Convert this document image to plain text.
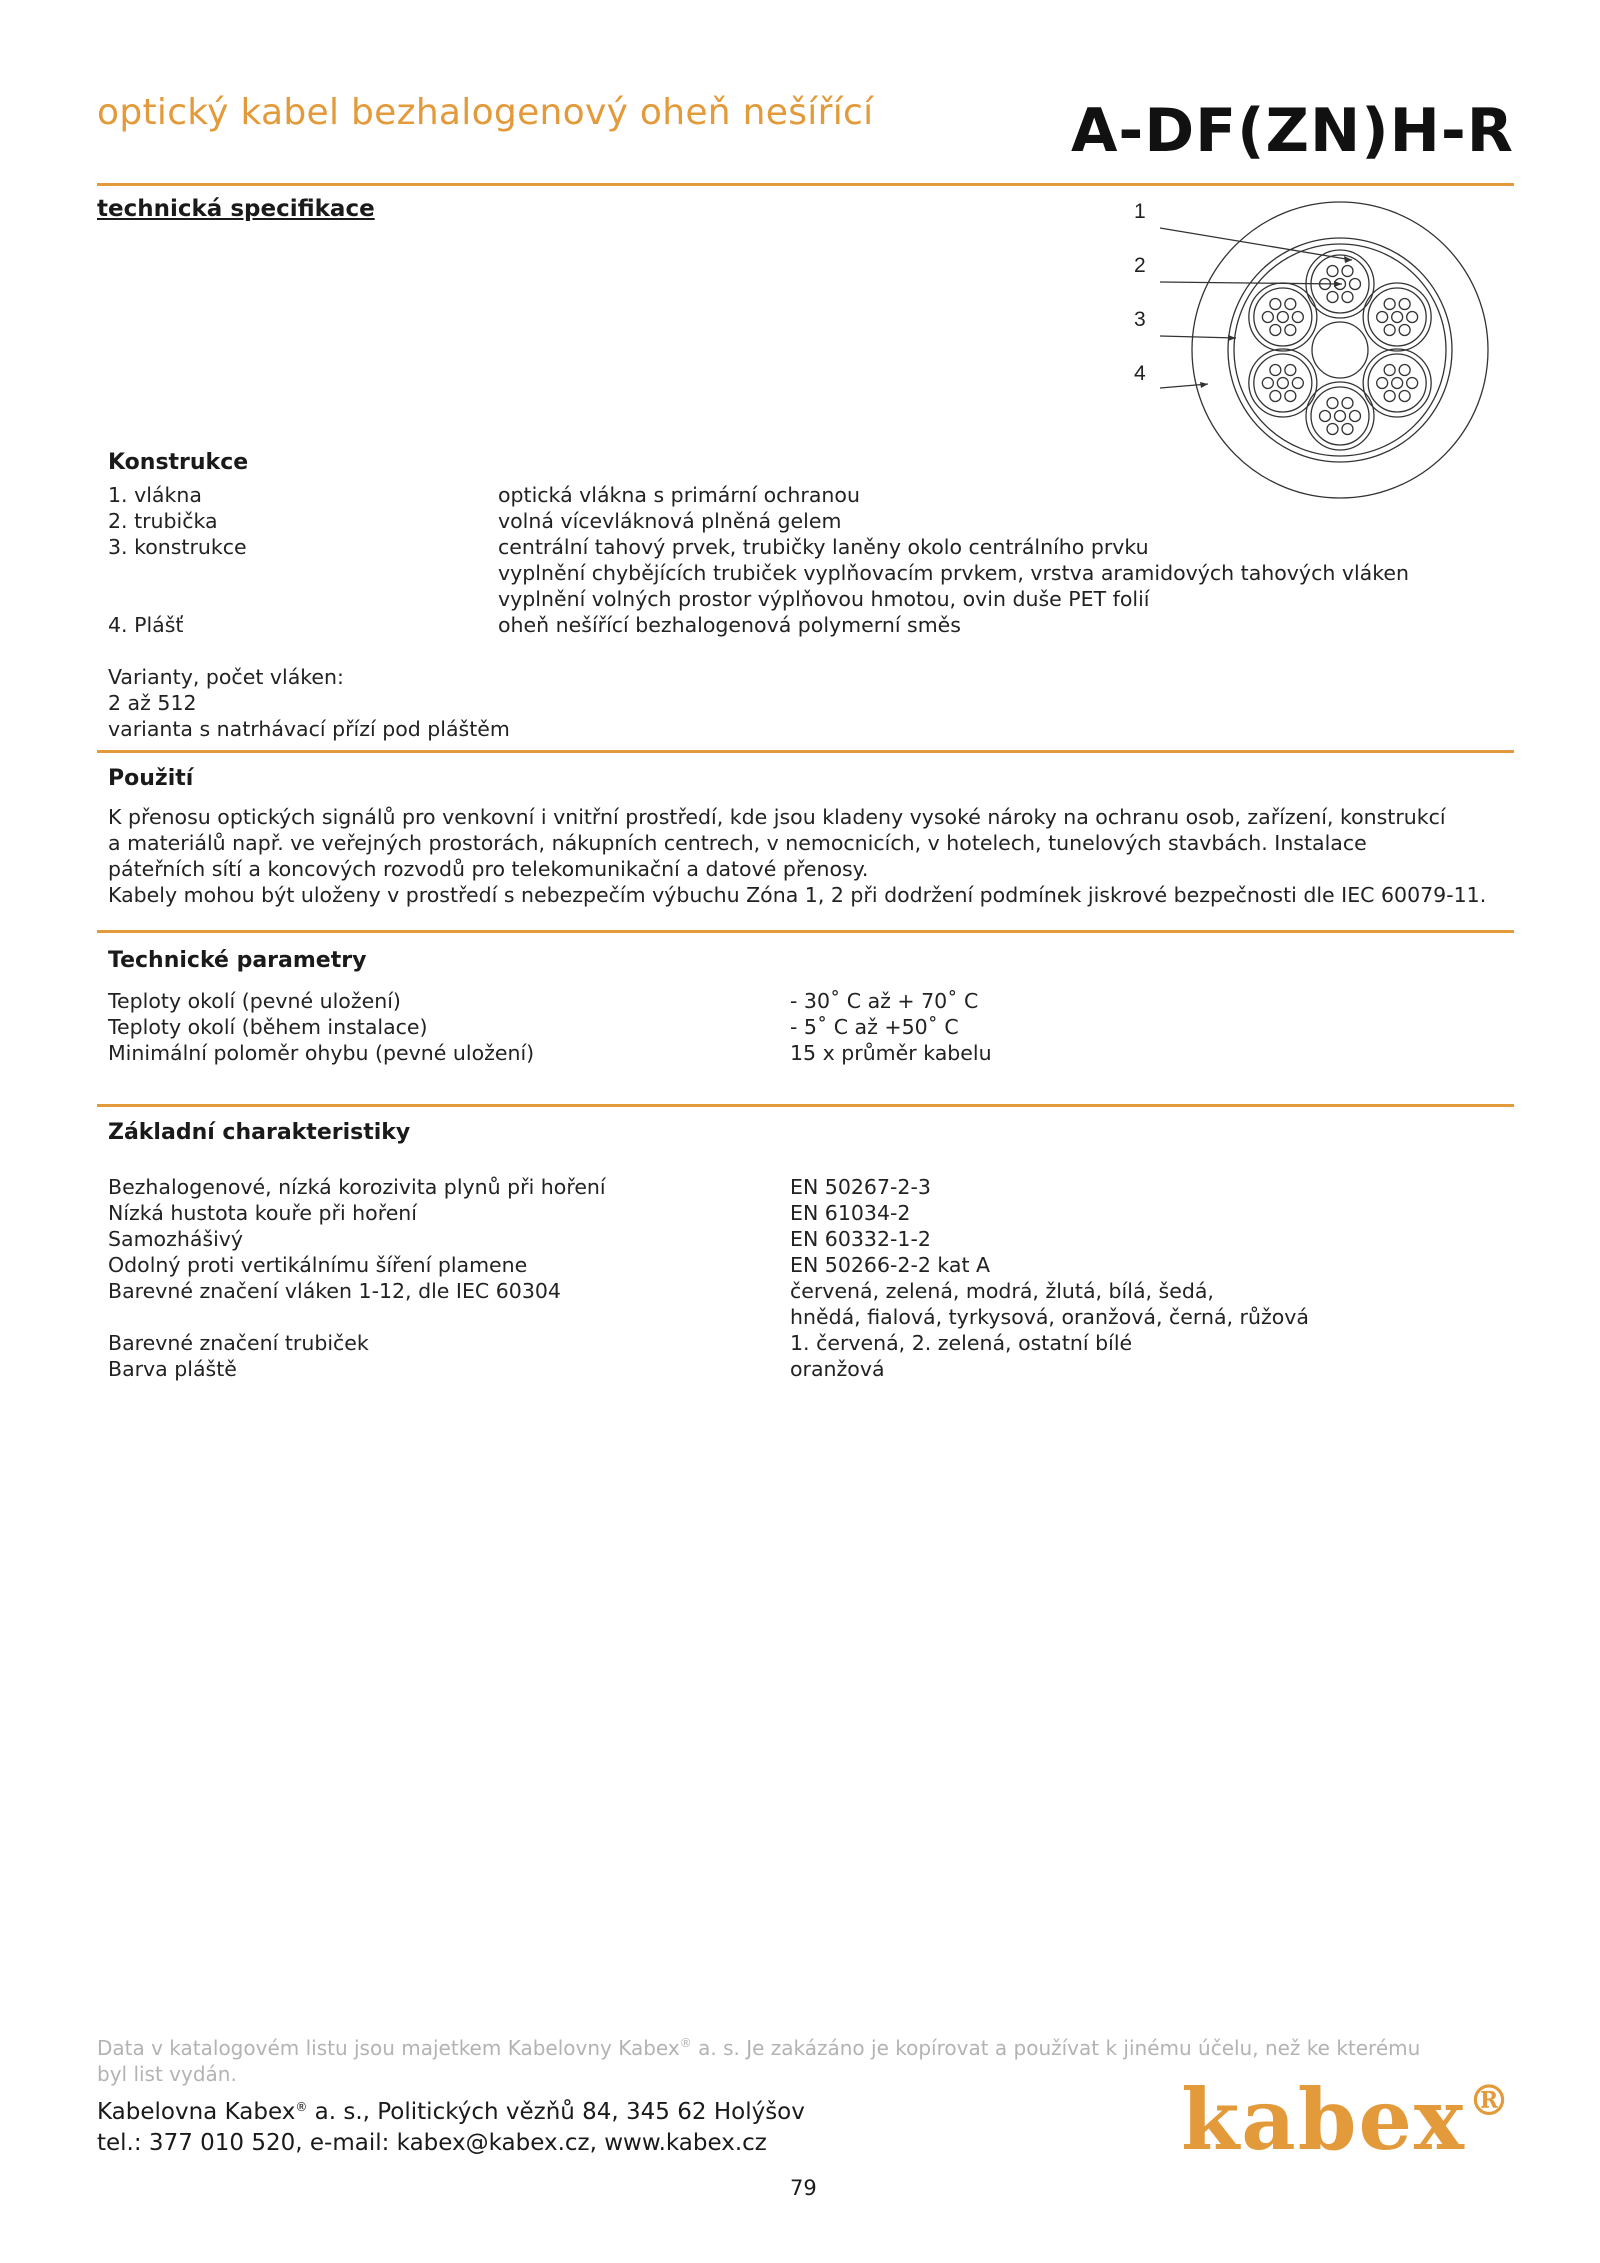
optický kabel bezhalogenový oheň nešířící	A-DF(ZN)H-R
technická specifikace	1
2
3
4
Konstrukce
1. vlákna	optická vlákna s primární ochranou
2. trubička	volná vícevláknová plněná gelem
3. konstrukce	centrální tahový prvek, trubičky laněny okolo centrálního prvku
vyplnění chybějících trubiček vyplňovacím prvkem, vrstva aramidových tahových vláken
vyplnění volných prostor výplňovou hmotou, ovin duše PET folií
4. Plášť	oheň nešířící bezhalogenová polymerní směs
Varianty, počet vláken:
2 až 512
varianta s natrhávací přízí pod pláštěm
Použití
K přenosu optických signálů pro venkovní i vnitřní prostředí, kde jsou kladeny vysoké nároky na ochranu osob, zařízení, konstrukcí
a materiálů např. ve veřejných prostorách, nákupních centrech, v nemocnicích, v hotelech, tunelových stavbách. Instalace
páteřních sítí a koncových rozvodů pro telekomunikační a datové přenosy.
Kabely mohou být uloženy v prostředí s nebezpečím výbuchu Zóna 1, 2 při dodržení podmínek jiskrové bezpečnosti dle IEC 60079-11.
Technické parametry
Teploty okolí (pevné uložení)	- 30˚ C až + 70˚ C
Teploty okolí (během instalace)	- 5˚ C až +50˚ C
Minimální poloměr ohybu (pevné uložení)	15 x průměr kabelu
Základní charakteristiky
Bezhalogenové, nízká korozivita plynů při hoření	EN 50267-2-3
Nízká hustota kouře při hoření	EN 61034-2
Samozhášivý	EN 60332-1-2
Odolný proti vertikálnímu šíření plamene	EN 50266-2-2 kat A
Barevné značení vláken 1-12, dle IEC 60304	červená, zelená, modrá, žlutá, bílá, šedá,
hnědá, fialová, tyrkysová, oranžová, černá, růžová
Barevné značení trubiček	1. červená, 2. zelená, ostatní bílé
Barva pláště	oranžová
Data v katalogovém listu jsou majetkem Kabelovny Kabex® a. s. Je zakázáno je kopírovat a používat k jinému účelu, než ke kterému
byl list vydán.
Kabelovna Kabex® a. s., Politických vězňů 84, 345 62 Holýšov
tel.: 377 010 520, e-mail: kabex@kabex.cz, www.kabex.cz	kabex®
79
